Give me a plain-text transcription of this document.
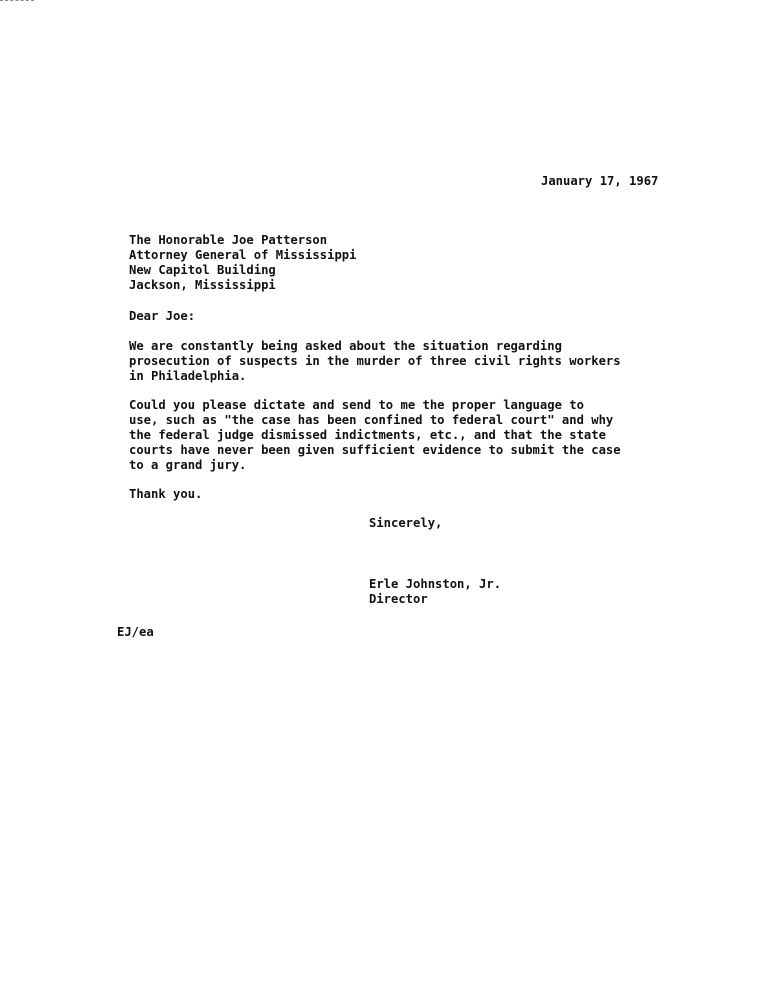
January 17, 1967
The Honorable Joe Patterson
Attorney General of Mississippi
New Capitol Building
Jackson, Mississippi
Dear Joe:
We are constantly being asked about the situation regarding
prosecution of suspects in the murder of three civil rights workers
in Philadelphia.
Could you please dictate and send to me the proper language to
use, such as "the case has been confined to federal court" and why
the federal judge dismissed indictments, etc., and that the state
courts have never been given sufficient evidence to submit the case
to a grand jury.
Thank you.
Sincerely,
Erle Johnston, Jr.
Director
EJ/ea
